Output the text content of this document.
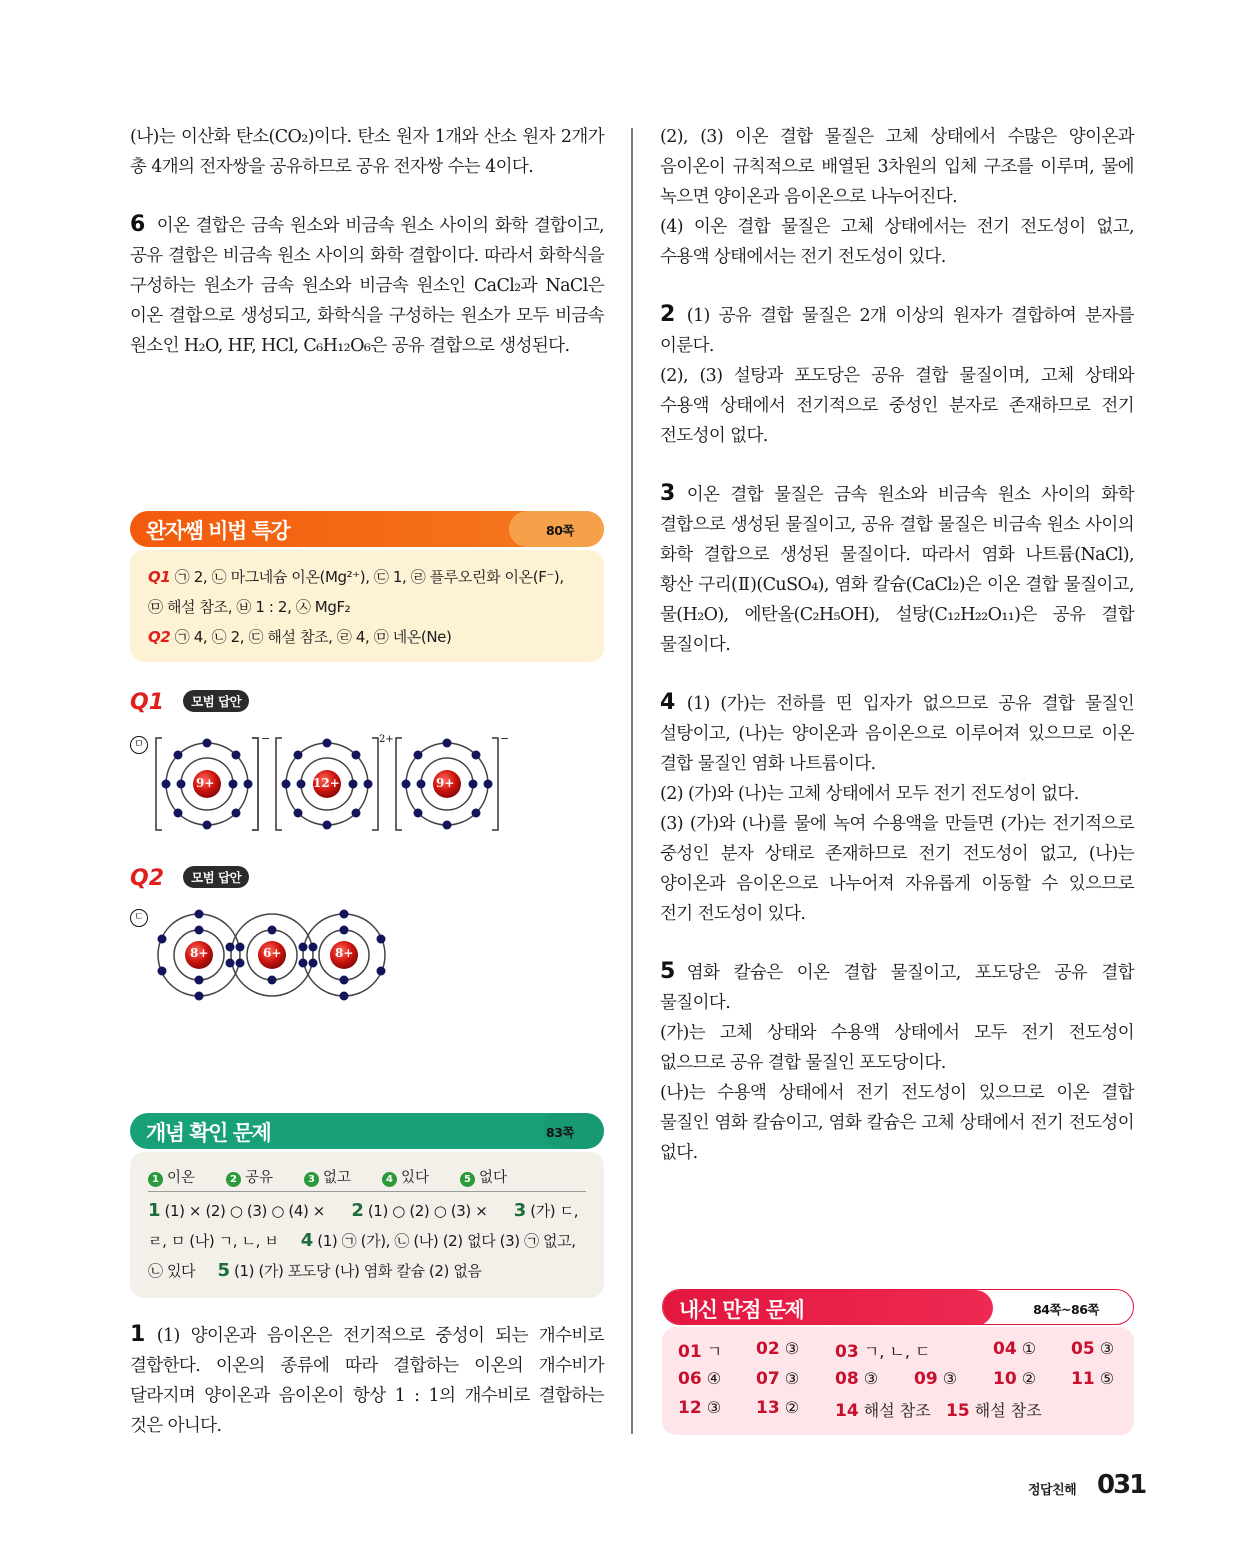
(나)는 이산화 탄소(CO₂)이다. 탄소 원자 1개와 산소 원자 2개가 총 4개의 전자쌍을 공유하므로 공유 전자쌍 수는 4이다.

6 이온 결합은 금속 원소와 비금속 원소 사이의 화학 결합이고, 공유 결합은 비금속 원소 사이의 화학 결합이다. 따라서 화학식을 구성하는 원소가 금속 원소와 비금속 원소인 CaCl₂과 NaCl은 이온 결합으로 생성되고, 화학식을 구성하는 원소가 모두 비금속 원소인 H₂O, HF, HCl, C₆H₁₂O₆은 공유 결합으로 생성된다.

완자쌤 비법 특강	80쪽
Q1 ㉠ 2, ㉡ 마그네슘 이온(Mg²⁺), ㉢ 1, ㉣ 플루오린화 이온(F⁻),
㉤ 해설 참조, ㉥ 1 : 2, ㉦ MgF₂
Q2 ㉠ 4, ㉡ 2, ㉢ 해설 참조, ㉣ 4, ㉤ 네온(Ne)
Q1 모범 답안
ㅁ	−	2+	−
9+	12+	9+
Q2 모범 답안
ㄷ
8+	6+	8+
개념 확인 문제	83쪽
1 이온	2 공유	3 없고	4 있다	5 없다
1 (1) × (2) ○ (3) ○ (4) × 2 (1) ○ (2) ○ (3) × 3 (가) ㄷ,
ㄹ, ㅁ (나) ㄱ, ㄴ, ㅂ 4 (1) ㉠ (가), ㉡ (나) (2) 없다 (3) ㉠ 없고,
㉡ 있다 5 (1) (가) 포도당 (나) 염화 칼슘 (2) 없음

1 (1) 양이온과 음이온은 전기적으로 중성이 되는 개수비로 결합한다. 이온의 종류에 따라 결합하는 이온의 개수비가 달라지며 양이온과 음이온이 항상 1 : 1의 개수비로 결합하는 것은 아니다.

(2), (3) 이온 결합 물질은 고체 상태에서 수많은 양이온과 음이온이 규칙적으로 배열된 3차원의 입체 구조를 이루며, 물에 녹으면 양이온과 음이온으로 나누어진다.

(4) 이온 결합 물질은 고체 상태에서는 전기 전도성이 없고, 수용액 상태에서는 전기 전도성이 있다.

2 (1) 공유 결합 물질은 2개 이상의 원자가 결합하여 분자를 이룬다.

(2), (3) 설탕과 포도당은 공유 결합 물질이며, 고체 상태와 수용액 상태에서 전기적으로 중성인 분자로 존재하므로 전기 전도성이 없다.

3 이온 결합 물질은 금속 원소와 비금속 원소 사이의 화학 결합으로 생성된 물질이고, 공유 결합 물질은 비금속 원소 사이의 화학 결합으로 생성된 물질이다. 따라서 염화 나트륨(NaCl), 황산 구리(Ⅱ)(CuSO₄), 염화 칼슘(CaCl₂)은 이온 결합 물질이고, 물(H₂O), 에탄올(C₂H₅OH), 설탕(C₁₂H₂₂O₁₁)은 공유 결합 물질이다.

4 (1) (가)는 전하를 띤 입자가 없으므로 공유 결합 물질인 설탕이고, (나)는 양이온과 음이온으로 이루어져 있으므로 이온 결합 물질인 염화 나트륨이다.

(2) (가)와 (나)는 고체 상태에서 모두 전기 전도성이 없다.

(3) (가)와 (나)를 물에 녹여 수용액을 만들면 (가)는 전기적으로 중성인 분자 상태로 존재하므로 전기 전도성이 없고, (나)는 양이온과 음이온으로 나누어져 자유롭게 이동할 수 있으므로 전기 전도성이 있다.

5 염화 칼슘은 이온 결합 물질이고, 포도당은 공유 결합 물질이다.

(가)는 고체 상태와 수용액 상태에서 모두 전기 전도성이 없으므로 공유 결합 물질인 포도당이다.

(나)는 수용액 상태에서 전기 전도성이 있으므로 이온 결합 물질인 염화 칼슘이고, 염화 칼슘은 고체 상태에서 전기 전도성이 없다.

내신 만점 문제	84쪽~86쪽
01 ㄱ 02 ③ 03 ㄱ, ㄴ, ㄷ	04 ① 05 ③
06 ④ 07 ③ 08 ③ 09 ③ 10 ② 11 ⑤
12 ③ 13 ② 14 해설 참조 15 해설 참조
정답친해 031
